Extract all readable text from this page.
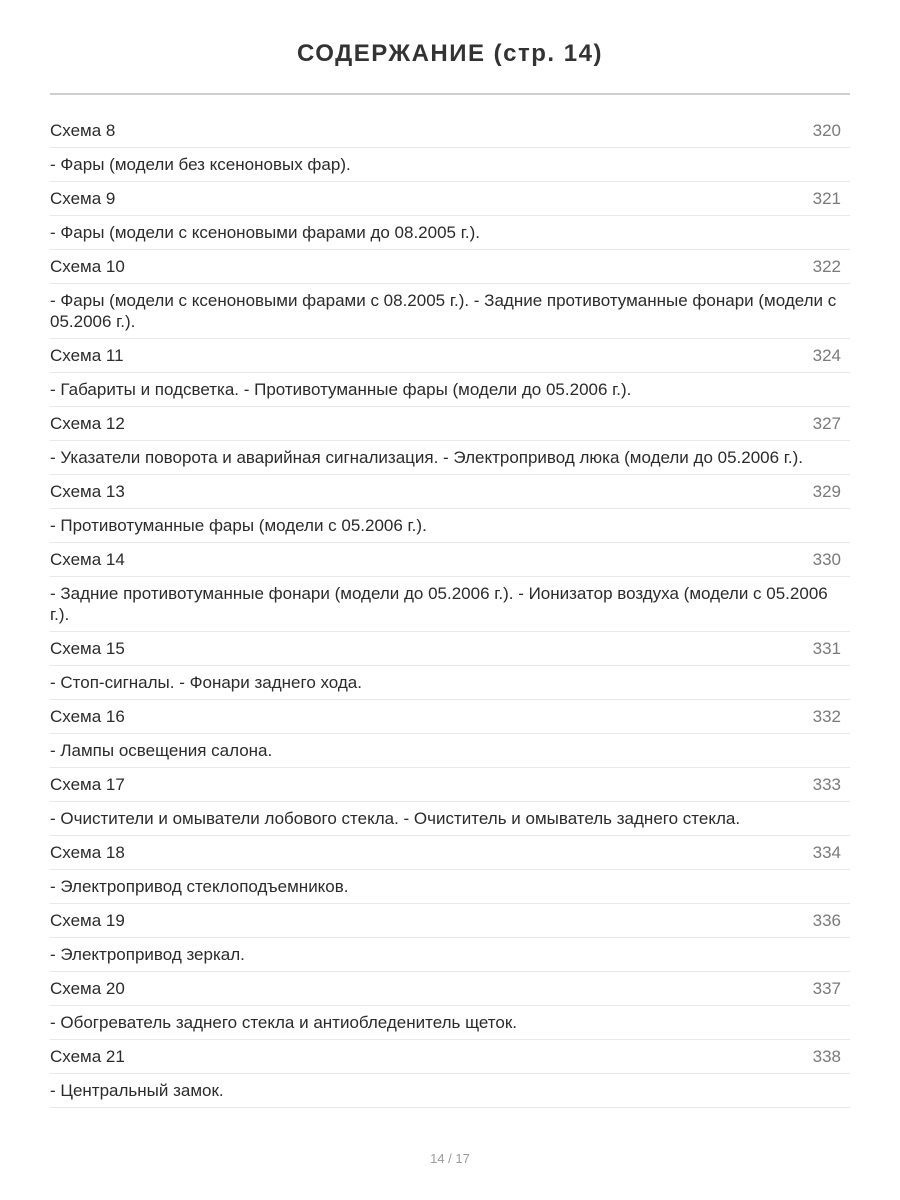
СОДЕРЖАНИЕ (стр. 14)
Схема 8	320
- Фары (модели без ксеноновых фар).
Схема 9	321
- Фары (модели с ксеноновыми фарами до 08.2005 г.).
Схема 10	322
- Фары (модели с ксеноновыми фарами с 08.2005 г.). - Задние противотуманные фонари (модели с 05.2006 г.).
Схема 11	324
- Габариты и подсветка. - Противотуманные фары (модели до 05.2006 г.).
Схема 12	327
- Указатели поворота и аварийная сигнализация. - Электропривод люка (модели до 05.2006 г.).
Схема 13	329
- Противотуманные фары (модели с 05.2006 г.).
Схема 14	330
- Задние противотуманные фонари (модели до 05.2006 г.). - Ионизатор воздуха (модели с 05.2006 г.).
Схема 15	331
- Стоп-сигналы. - Фонари заднего хода.
Схема 16	332
- Лампы освещения салона.
Схема 17	333
- Очистители и омыватели лобового стекла. - Очиститель и омыватель заднего стекла.
Схема 18	334
- Электропривод стеклоподъемников.
Схема 19	336
- Электропривод зеркал.
Схема 20	337
- Обогреватель заднего стекла и антиобледенитель щеток.
Схема 21	338
- Центральный замок.
14 / 17
